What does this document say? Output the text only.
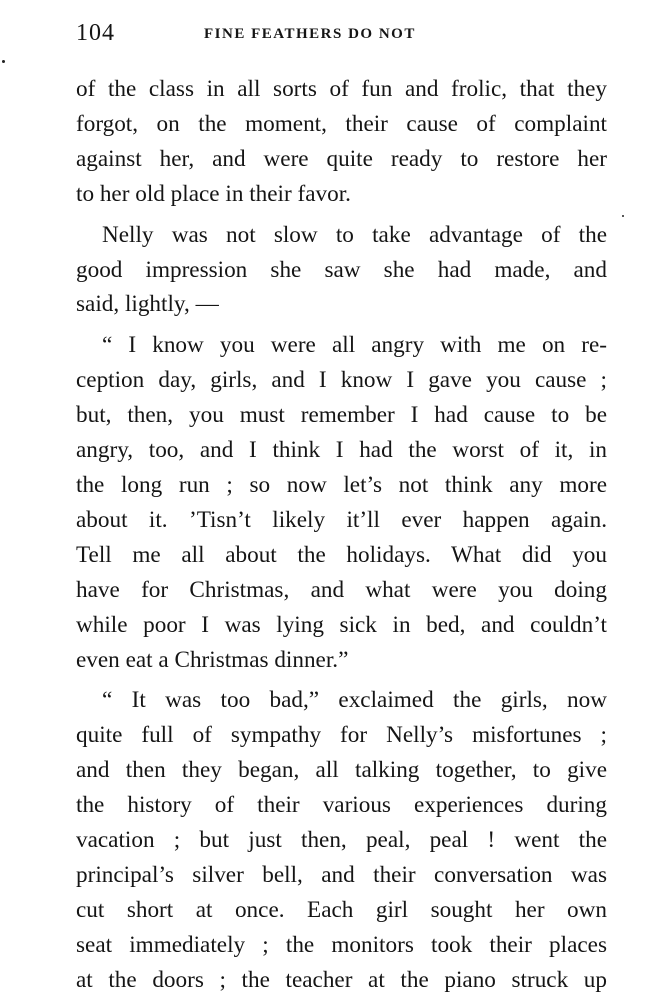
104	FINE FEATHERS DO NOT

of the class in all sorts of fun and frolic, that they
forgot, on the moment, their cause of complaint
against her, and were quite ready to restore her
to her old place in their favor.

Nelly was not slow to take advantage of the
good impression she saw she had made, and
said, lightly, —

“ I know you were all angry with me on re-
ception day, girls, and I know I gave you cause ;
but, then, you must remember I had cause to be
angry, too, and I think I had the worst of it, in
the long run ; so now let’s not think any more
about it. ’Tisn’t likely it’ll ever happen again.
Tell me all about the holidays. What did you
have for Christmas, and what were you doing
while poor I was lying sick in bed, and couldn’t
even eat a Christmas dinner.”

“ It was too bad,” exclaimed the girls, now
quite full of sympathy for Nelly’s misfortunes ;
and then they began, all talking together, to give
the history of their various experiences during
vacation ; but just then, peal, peal ! went the
principal’s silver bell, and their conversation was
cut short at once. Each girl sought her own
seat immediately ; the monitors took their places
at the doors ; the teacher at the piano struck up
